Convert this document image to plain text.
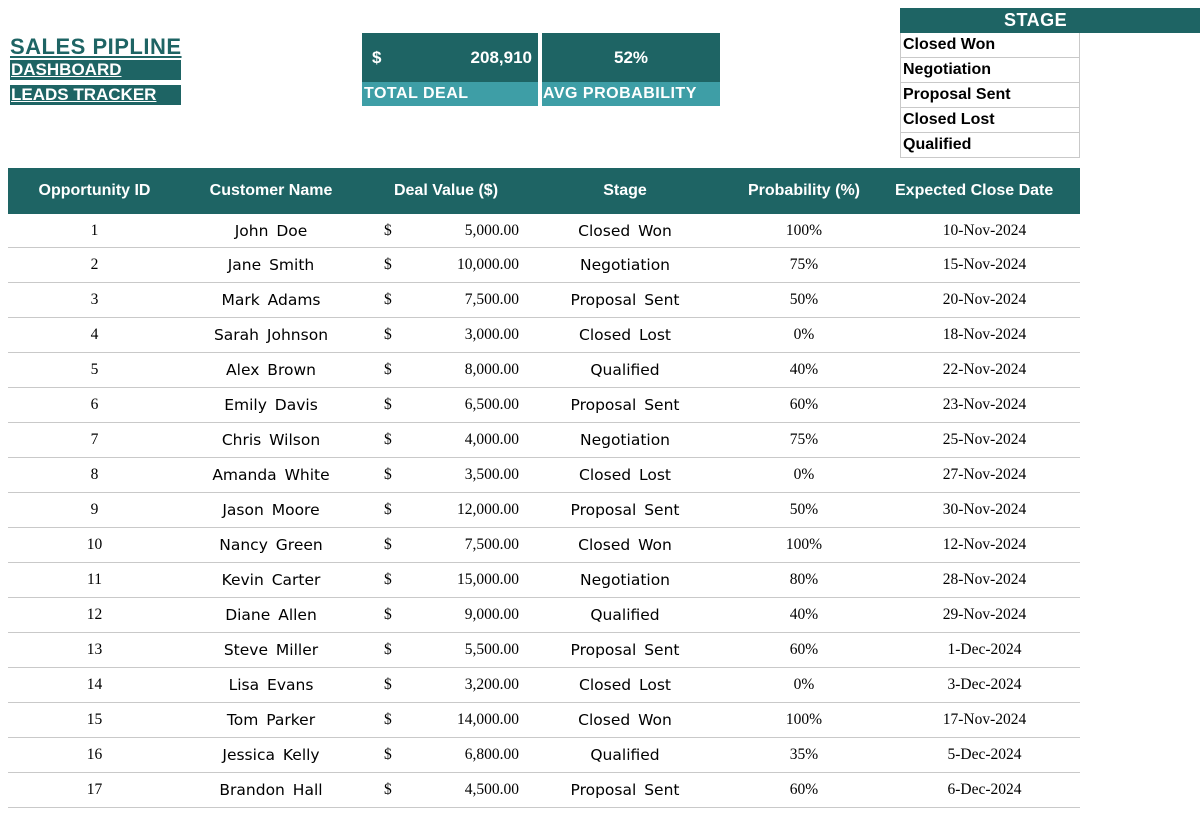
SALES PIPLINE
DASHBOARD
LEADS TRACKER
$	208,910
TOTAL DEAL
52%
AVG PROBABILITY
STAGE
Closed Won
Negotiation
Proposal Sent
Closed Lost
Qualified
Opportunity ID	Customer Name	Deal Value ($)	Stage	Probability (%)	Expected Close Date
1	John Doe	$ 5,000.00	Closed Won	100%	10-Nov-2024
2	Jane Smith	$ 10,000.00	Negotiation	75%	15-Nov-2024
3	Mark Adams	$ 7,500.00	Proposal Sent	50%	20-Nov-2024
4	Sarah Johnson	$ 3,000.00	Closed Lost	0%	18-Nov-2024
5	Alex Brown	$ 8,000.00	Qualified	40%	22-Nov-2024
6	Emily Davis	$ 6,500.00	Proposal Sent	60%	23-Nov-2024
7	Chris Wilson	$ 4,000.00	Negotiation	75%	25-Nov-2024
8	Amanda White	$ 3,500.00	Closed Lost	0%	27-Nov-2024
9	Jason Moore	$ 12,000.00	Proposal Sent	50%	30-Nov-2024
10	Nancy Green	$ 7,500.00	Closed Won	100%	12-Nov-2024
11	Kevin Carter	$ 15,000.00	Negotiation	80%	28-Nov-2024
12	Diane Allen	$ 9,000.00	Qualified	40%	29-Nov-2024
13	Steve Miller	$ 5,500.00	Proposal Sent	60%	1-Dec-2024
14	Lisa Evans	$ 3,200.00	Closed Lost	0%	3-Dec-2024
15	Tom Parker	$ 14,000.00	Closed Won	100%	17-Nov-2024
16	Jessica Kelly	$ 6,800.00	Qualified	35%	5-Dec-2024
17	Brandon Hall	$ 4,500.00	Proposal Sent	60%	6-Dec-2024
